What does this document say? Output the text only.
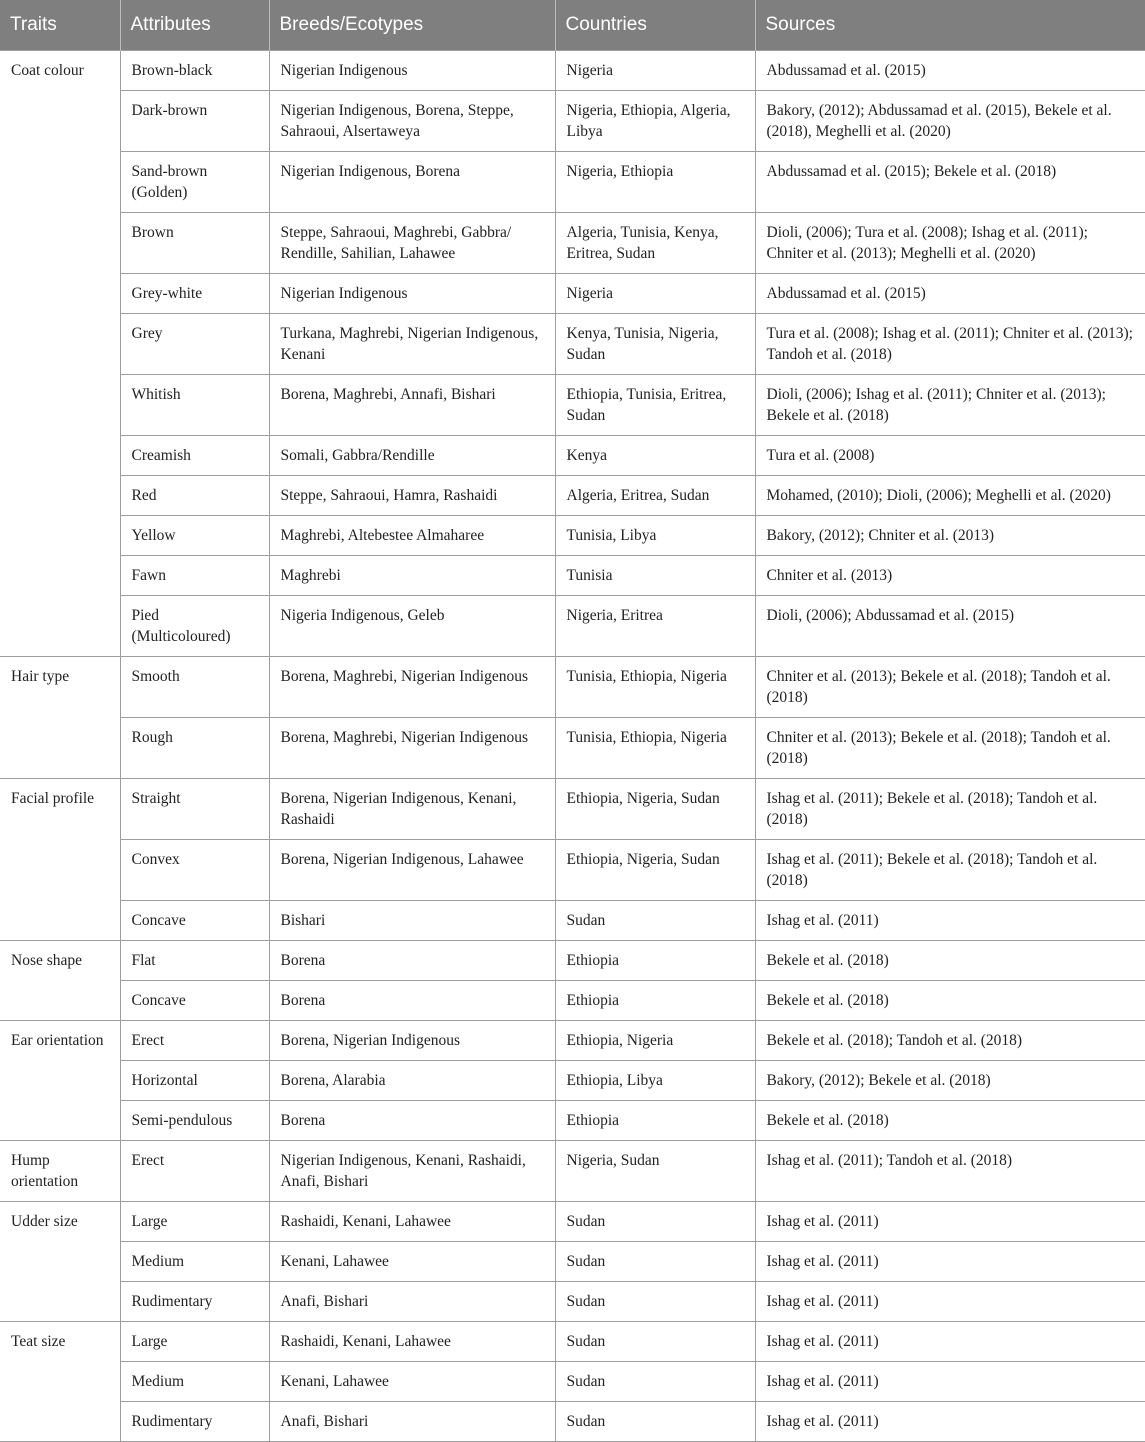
Traits	Attributes	Breeds/Ecotypes	Countries	Sources
Coat colour	Brown-black	Nigerian Indigenous	Nigeria	Abdussamad et al. (2015)
	Dark-brown	Nigerian Indigenous, Borena, Steppe, Sahraoui, Alsertaweya	Nigeria, Ethiopia, Algeria, Libya	Bakory, (2012); Abdussamad et al. (2015), Bekele et al. (2018), Meghelli et al. (2020)
	Sand-brown (Golden)	Nigerian Indigenous, Borena	Nigeria, Ethiopia	Abdussamad et al. (2015); Bekele et al. (2018)
	Brown	Steppe, Sahraoui, Maghrebi, Gabbra/ Rendille, Sahilian, Lahawee	Algeria, Tunisia, Kenya, Eritrea, Sudan	Dioli, (2006); Tura et al. (2008); Ishag et al. (2011); Chniter et al. (2013); Meghelli et al. (2020)
	Grey-white	Nigerian Indigenous	Nigeria	Abdussamad et al. (2015)
	Grey	Turkana, Maghrebi, Nigerian Indigenous, Kenani	Kenya, Tunisia, Nigeria, Sudan	Tura et al. (2008); Ishag et al. (2011); Chniter et al. (2013); Tandoh et al. (2018)
	Whitish	Borena, Maghrebi, Annafi, Bishari	Ethiopia, Tunisia, Eritrea, Sudan	Dioli, (2006); Ishag et al. (2011); Chniter et al. (2013); Bekele et al. (2018)
	Creamish	Somali, Gabbra/Rendille	Kenya	Tura et al. (2008)
	Red	Steppe, Sahraoui, Hamra, Rashaidi	Algeria, Eritrea, Sudan	Mohamed, (2010); Dioli, (2006); Meghelli et al. (2020)
	Yellow	Maghrebi, Altebestee Almaharee	Tunisia, Libya	Bakory, (2012); Chniter et al. (2013)
	Fawn	Maghrebi	Tunisia	Chniter et al. (2013)
	Pied (Multicoloured)	Nigeria Indigenous, Geleb	Nigeria, Eritrea	Dioli, (2006); Abdussamad et al. (2015)
Hair type	Smooth	Borena, Maghrebi, Nigerian Indigenous	Tunisia, Ethiopia, Nigeria	Chniter et al. (2013); Bekele et al. (2018); Tandoh et al. (2018)
	Rough	Borena, Maghrebi, Nigerian Indigenous	Tunisia, Ethiopia, Nigeria	Chniter et al. (2013); Bekele et al. (2018); Tandoh et al. (2018)
Facial profile	Straight	Borena, Nigerian Indigenous, Kenani, Rashaidi	Ethiopia, Nigeria, Sudan	Ishag et al. (2011); Bekele et al. (2018); Tandoh et al. (2018)
	Convex	Borena, Nigerian Indigenous, Lahawee	Ethiopia, Nigeria, Sudan	Ishag et al. (2011); Bekele et al. (2018); Tandoh et al. (2018)
	Concave	Bishari	Sudan	Ishag et al. (2011)
Nose shape	Flat	Borena	Ethiopia	Bekele et al. (2018)
	Concave	Borena	Ethiopia	Bekele et al. (2018)
Ear orientation	Erect	Borena, Nigerian Indigenous	Ethiopia, Nigeria	Bekele et al. (2018); Tandoh et al. (2018)
	Horizontal	Borena, Alarabia	Ethiopia, Libya	Bakory, (2012); Bekele et al. (2018)
	Semi-pendulous	Borena	Ethiopia	Bekele et al. (2018)
Hump orientation	Erect	Nigerian Indigenous, Kenani, Rashaidi, Anafi, Bishari	Nigeria, Sudan	Ishag et al. (2011); Tandoh et al. (2018)
Udder size	Large	Rashaidi, Kenani, Lahawee	Sudan	Ishag et al. (2011)
	Medium	Kenani, Lahawee	Sudan	Ishag et al. (2011)
	Rudimentary	Anafi, Bishari	Sudan	Ishag et al. (2011)
Teat size	Large	Rashaidi, Kenani, Lahawee	Sudan	Ishag et al. (2011)
	Medium	Kenani, Lahawee	Sudan	Ishag et al. (2011)
	Rudimentary	Anafi, Bishari	Sudan	Ishag et al. (2011)
